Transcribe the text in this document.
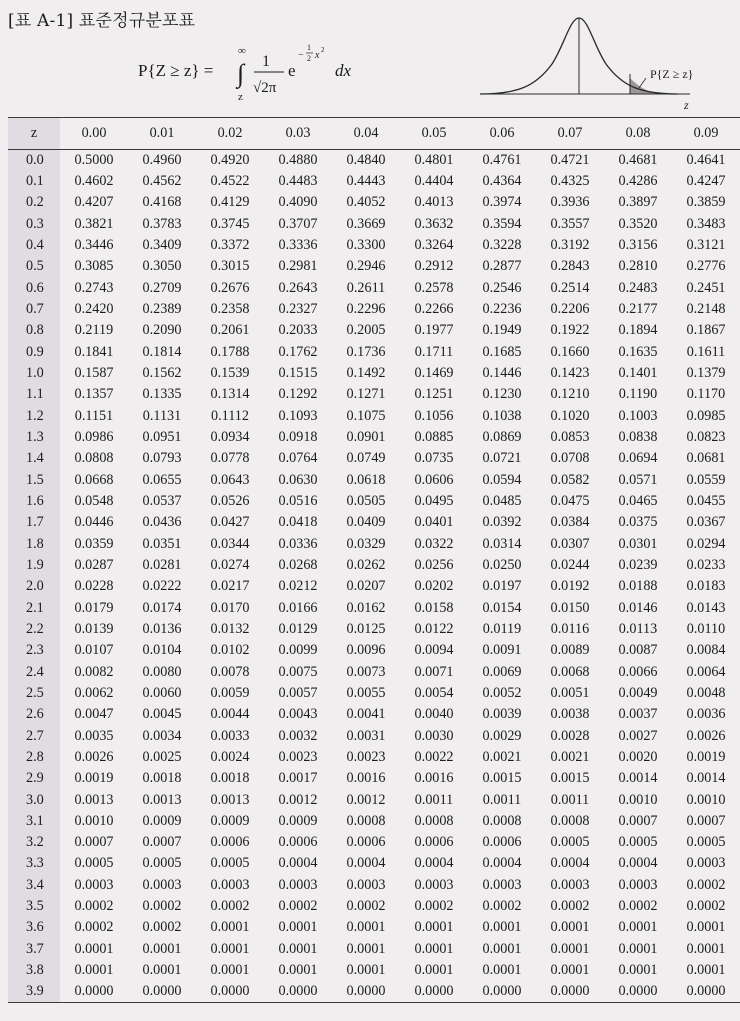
[표 A-1] 표준정규분포표
P{Z ≥ z} =
∞
∫
z
1
√2π
e
−
1
2 x 2
dx	P{Z ≥ z}
z
z	0.00	0.01	0.02	0.03	0.04	0.05	0.06	0.07	0.08	0.09
0.0	0.5000	0.4960	0.4920	0.4880	0.4840	0.4801	0.4761	0.4721	0.4681	0.4641
0.1	0.4602	0.4562	0.4522	0.4483	0.4443	0.4404	0.4364	0.4325	0.4286	0.4247
0.2	0.4207	0.4168	0.4129	0.4090	0.4052	0.4013	0.3974	0.3936	0.3897	0.3859
0.3	0.3821	0.3783	0.3745	0.3707	0.3669	0.3632	0.3594	0.3557	0.3520	0.3483
0.4	0.3446	0.3409	0.3372	0.3336	0.3300	0.3264	0.3228	0.3192	0.3156	0.3121
0.5	0.3085	0.3050	0.3015	0.2981	0.2946	0.2912	0.2877	0.2843	0.2810	0.2776
0.6	0.2743	0.2709	0.2676	0.2643	0.2611	0.2578	0.2546	0.2514	0.2483	0.2451
0.7	0.2420	0.2389	0.2358	0.2327	0.2296	0.2266	0.2236	0.2206	0.2177	0.2148
0.8	0.2119	0.2090	0.2061	0.2033	0.2005	0.1977	0.1949	0.1922	0.1894	0.1867
0.9	0.1841	0.1814	0.1788	0.1762	0.1736	0.1711	0.1685	0.1660	0.1635	0.1611
1.0	0.1587	0.1562	0.1539	0.1515	0.1492	0.1469	0.1446	0.1423	0.1401	0.1379
1.1	0.1357	0.1335	0.1314	0.1292	0.1271	0.1251	0.1230	0.1210	0.1190	0.1170
1.2	0.1151	0.1131	0.1112	0.1093	0.1075	0.1056	0.1038	0.1020	0.1003	0.0985
1.3	0.0986	0.0951	0.0934	0.0918	0.0901	0.0885	0.0869	0.0853	0.0838	0.0823
1.4	0.0808	0.0793	0.0778	0.0764	0.0749	0.0735	0.0721	0.0708	0.0694	0.0681
1.5	0.0668	0.0655	0.0643	0.0630	0.0618	0.0606	0.0594	0.0582	0.0571	0.0559
1.6	0.0548	0.0537	0.0526	0.0516	0.0505	0.0495	0.0485	0.0475	0.0465	0.0455
1.7	0.0446	0.0436	0.0427	0.0418	0.0409	0.0401	0.0392	0.0384	0.0375	0.0367
1.8	0.0359	0.0351	0.0344	0.0336	0.0329	0.0322	0.0314	0.0307	0.0301	0.0294
1.9	0.0287	0.0281	0.0274	0.0268	0.0262	0.0256	0.0250	0.0244	0.0239	0.0233
2.0	0.0228	0.0222	0.0217	0.0212	0.0207	0.0202	0.0197	0.0192	0.0188	0.0183
2.1	0.0179	0.0174	0.0170	0.0166	0.0162	0.0158	0.0154	0.0150	0.0146	0.0143
2.2	0.0139	0.0136	0.0132	0.0129	0.0125	0.0122	0.0119	0.0116	0.0113	0.0110
2.3	0.0107	0.0104	0.0102	0.0099	0.0096	0.0094	0.0091	0.0089	0.0087	0.0084
2.4	0.0082	0.0080	0.0078	0.0075	0.0073	0.0071	0.0069	0.0068	0.0066	0.0064
2.5	0.0062	0.0060	0.0059	0.0057	0.0055	0.0054	0.0052	0.0051	0.0049	0.0048
2.6	0.0047	0.0045	0.0044	0.0043	0.0041	0.0040	0.0039	0.0038	0.0037	0.0036
2.7	0.0035	0.0034	0.0033	0.0032	0.0031	0.0030	0.0029	0.0028	0.0027	0.0026
2.8	0.0026	0.0025	0.0024	0.0023	0.0023	0.0022	0.0021	0.0021	0.0020	0.0019
2.9	0.0019	0.0018	0.0018	0.0017	0.0016	0.0016	0.0015	0.0015	0.0014	0.0014
3.0	0.0013	0.0013	0.0013	0.0012	0.0012	0.0011	0.0011	0.0011	0.0010	0.0010
3.1	0.0010	0.0009	0.0009	0.0009	0.0008	0.0008	0.0008	0.0008	0.0007	0.0007
3.2	0.0007	0.0007	0.0006	0.0006	0.0006	0.0006	0.0006	0.0005	0.0005	0.0005
3.3	0.0005	0.0005	0.0005	0.0004	0.0004	0.0004	0.0004	0.0004	0.0004	0.0003
3.4	0.0003	0.0003	0.0003	0.0003	0.0003	0.0003	0.0003	0.0003	0.0003	0.0002
3.5	0.0002	0.0002	0.0002	0.0002	0.0002	0.0002	0.0002	0.0002	0.0002	0.0002
3.6	0.0002	0.0002	0.0001	0.0001	0.0001	0.0001	0.0001	0.0001	0.0001	0.0001
3.7	0.0001	0.0001	0.0001	0.0001	0.0001	0.0001	0.0001	0.0001	0.0001	0.0001
3.8	0.0001	0.0001	0.0001	0.0001	0.0001	0.0001	0.0001	0.0001	0.0001	0.0001
3.9	0.0000	0.0000	0.0000	0.0000	0.0000	0.0000	0.0000	0.0000	0.0000	0.0000
